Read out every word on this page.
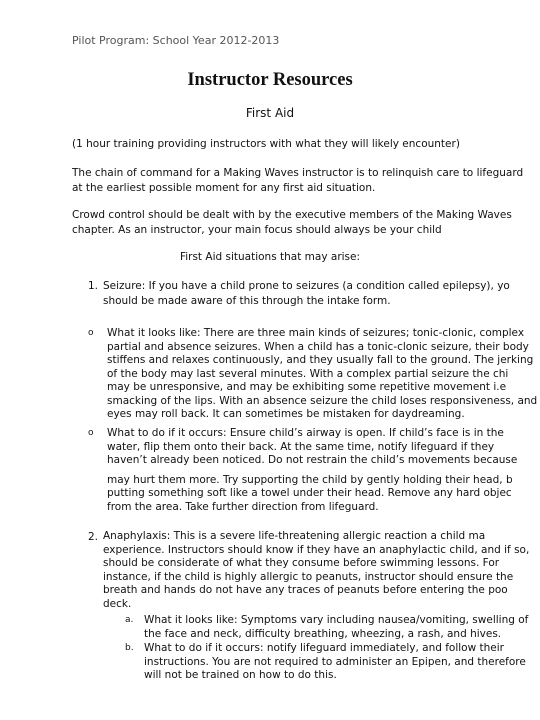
Pilot Program: School Year 2012-2013
Instructor Resources
First Aid
(1 hour training providing instructors with what they will likely encounter)
The chain of command for a Making Waves instructor is to relinquish care to lifeguard
at the earliest possible moment for any first aid situation.
Crowd control should be dealt with by the executive members of the Making Waves
chapter. As an instructor, your main focus should always be your child
First Aid situations that may arise:
1. Seizure: If you have a child prone to seizures (a condition called epilepsy), yo
should be made aware of this through the intake form.
o What it looks like: There are three main kinds of seizures; tonic-clonic, complex
partial and absence seizures. When a child has a tonic-clonic seizure, their body
stiffens and relaxes continuously, and they usually fall to the ground. The jerking
of the body may last several minutes. With a complex partial seizure the chi
may be unresponsive, and may be exhibiting some repetitive movement i.e
smacking of the lips. With an absence seizure the child loses responsiveness, and
eyes may roll back. It can sometimes be mistaken for daydreaming.
o What to do if it occurs: Ensure child’s airway is open. If child’s face is in the
water, flip them onto their back. At the same time, notify lifeguard if they
haven’t already been noticed. Do not restrain the child’s movements because
may hurt them more. Try supporting the child by gently holding their head, b
putting something soft like a towel under their head. Remove any hard objec
from the area. Take further direction from lifeguard.
2. Anaphylaxis: This is a severe life-threatening allergic reaction a child ma
experience. Instructors should know if they have an anaphylactic child, and if so,
should be considerate of what they consume before swimming lessons. For
instance, if the child is highly allergic to peanuts, instructor should ensure the
breath and hands do not have any traces of peanuts before entering the poo
deck.
a. What it looks like: Symptoms vary including nausea/vomiting, swelling of
the face and neck, difficulty breathing, wheezing, a rash, and hives.
b. What to do if it occurs: notify lifeguard immediately, and follow their
instructions. You are not required to administer an Epipen, and therefore
will not be trained on how to do this.
